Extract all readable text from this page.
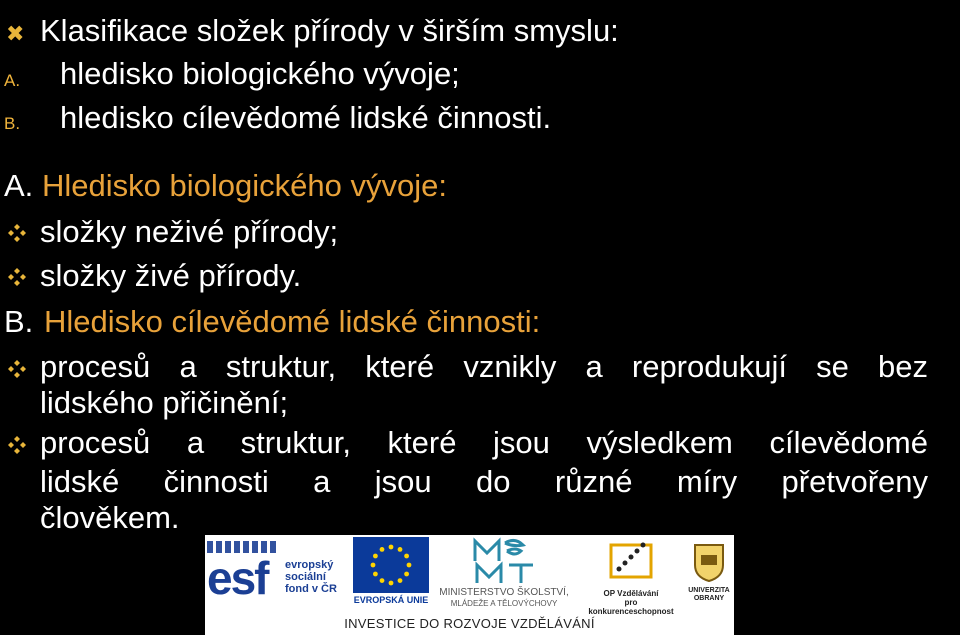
✖ Klasifikace složek přírody v širším smyslu:
A. hledisko biologického vývoje;
B. hledisko cílevědomé lidské činnosti.
A. Hledisko biologického vývoje:
složky neživé přírody;
složky živé přírody.
B. Hledisko cílevědomé lidské činnosti:
procesů a struktur, které vznikly a reprodukují se bez
lidského přičinění;
procesů a struktur, které jsou výsledkem cílevědomé
lidské činnosti a jsou do různé míry přetvořeny
člověkem.
esf evropský
sociální
fond v ČR
EVROPSKÁ UNIE
MINISTERSTVO ŠKOLSTVÍ,
MLÁDEŽE A TĚLOVÝCHOVY
OP Vzdělávání
pro konkurenceschopnost
UNIVERZITA
OBRANY
INVESTICE DO ROZVOJE VZDĚLÁVÁNÍ
